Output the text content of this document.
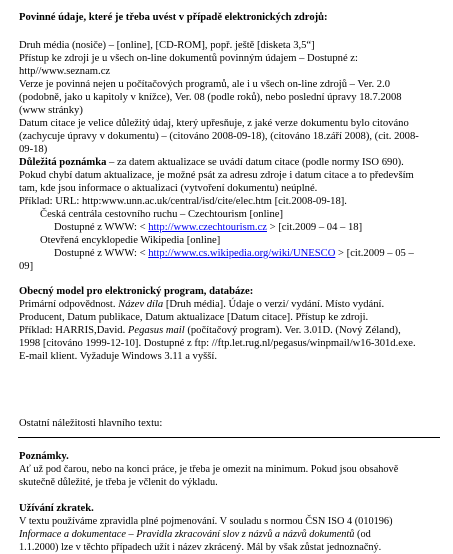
Povinné údaje, které je třeba uvést v případě elektronických zdrojů:
Druh média (nosiče) – [online], [CD-ROM], popř. ještě [disketa 3,5“]
Přístup ke zdroji je u všech on-line dokumentů povinným údajem – Dostupné z:
http//www.seznam.cz
Verze je povinná nejen u počítačových programů, ale i u všech on-line zdrojů – Ver. 2.0
(podobně, jako u kapitoly v knížce), Ver. 08 (podle roků), nebo poslední úpravy 18.7.2008
(www stránky)
Datum citace je velice důležitý údaj, který upřesňuje, z jaké verze dokumentu bylo citováno
(zachycuje úpravy v dokumentu) – (citováno 2008-09-18), (citováno 18.září 2008), (cit. 2008-
09-18)
Důležitá poznámka – za datem aktualizace se uvádí datum citace (podle normy ISO 690).
Pokud chybí datum aktualizace, je možné psát za adresu zdroje i datum citace a to především
tam, kde jsou informace o aktualizaci (vytvoření dokumentu) neúplné.
Příklad: URL: http:www.unn.ac.uk/central/isd/cite/elec.htm [cit.2008-09-18].
Česká centrála cestovního ruchu – Czechtourism [online]
Dostupné z WWW: < http://www.czechtourism.cz > [cit.2009 – 04 – 18]
Otevřená encyklopedie Wikipedia [online]
Dostupné z WWW: < http://www.cs.wikipedia.org/wiki/UNESCO > [cit.2009 – 05 –
09]
Obecný model pro elektronický program, databáze:
Primární odpovědnost. Název díla [Druh média]. Údaje o verzi/ vydání. Místo vydání.
Producent, Datum publikace, Datum aktualizace [Datum citace]. Přístup ke zdroji.
Příklad: HARRIS,David. Pegasus mail (počítačový program). Ver. 3.01D. (Nový Zéland),
1998 [citováno 1999-12-10]. Dostupné z ftp: //ftp.let.rug.nl/pegasus/winpmail/w16-301d.exe.
E-mail klient. Vyžaduje Windows 3.11 a vyšší.
Ostatní náležitosti hlavního textu:
Poznámky.
Ať už pod čarou, nebo na konci práce, je třeba je omezit na minimum. Pokud jsou obsahově
skutečně důležité, je třeba je včlenit do výkladu.
Užívání zkratek.
V textu používáme zpravidla plné pojmenování. V souladu s normou ČSN ISO 4 (010196)
Informace a dokumentace – Pravidla zkracování slov z názvů a názvů dokumentů (od
1.1.2000) lze v těchto případech užít i název zkrácený. Mál by však zůstat jednoznačný.
